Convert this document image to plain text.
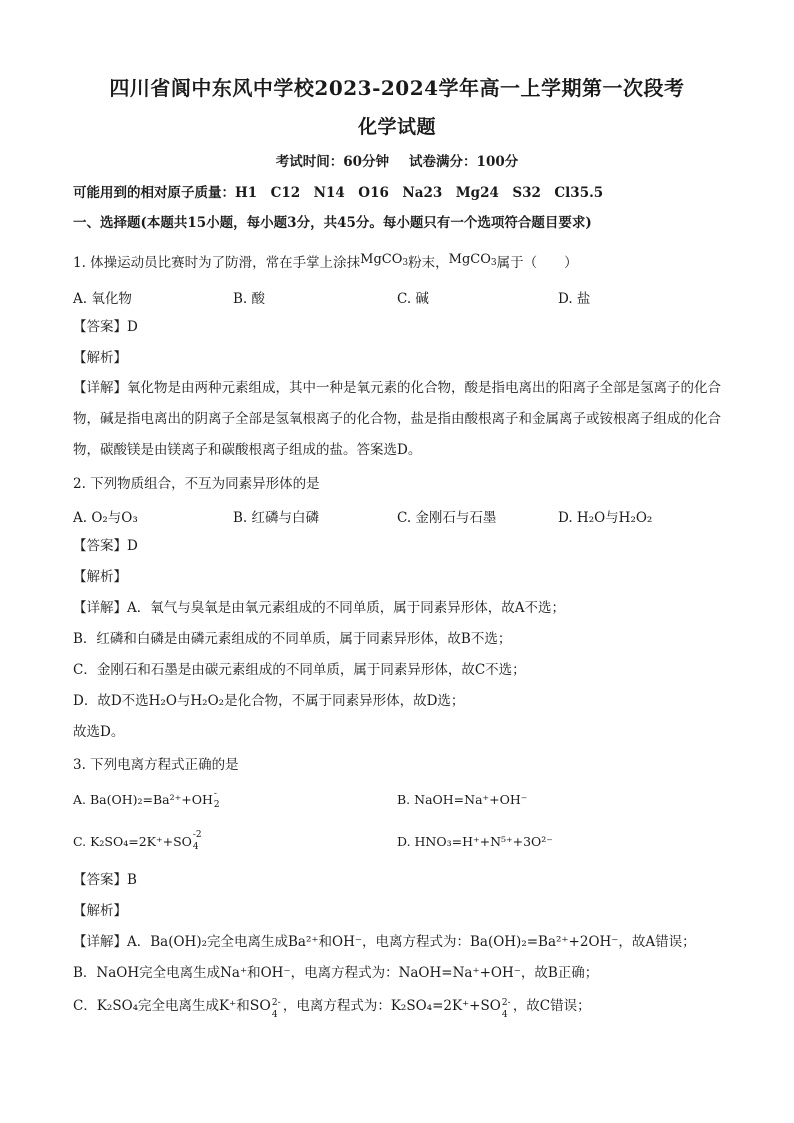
四川省阆中东风中学校2023-2024学年高一上学期第一次段考
化学试题
考试时间：60分钟 试卷满分：100分
可能用到的相对原子质量：H1　C12　N14　O16　Na23　Mg24　S32　Cl35.5
一、选择题(本题共15小题，每小题3分，共45分。每小题只有一个选项符合题目要求)
1. 体操运动员比赛时为了防滑，常在手掌上涂抹MgCO$_3$粉末，MgCO$_3$属于（　　）
A. 氧化物	B. 酸	C. 碱	D. 盐
【答案】D
【解析】
【详解】氧化物是由两种元素组成，其中一种是氧元素的化合物，酸是指电离出的阳离子全部是氢离子的化合物，碱是指电离出的阴离子全部是氢氧根离子的化合物，盐是指由酸根离子和金属离子或铵根离子组成的化合物，碳酸镁是由镁离子和碳酸根离子组成的盐。答案选D。
2. 下列物质组合，不互为同素异形体的是
A. O₂与O₃	B. 红磷与白磷	C. 金刚石与石墨	D. H₂O与H₂O₂
【答案】D
【解析】
【详解】A．氧气与臭氧是由氧元素组成的不同单质，属于同素异形体，故A不选；
B．红磷和白磷是由磷元素组成的不同单质，属于同素异形体，故B不选；
C．金刚石和石墨是由碳元素组成的不同单质，属于同素异形体，故C不选；
D．故D不选H₂O与H₂O₂是化合物，不属于同素异形体，故D选；
故选D。
3. 下列电离方程式正确的是
A. Ba(OH)₂=Ba²⁺+OH -
2	B. NaOH=Na⁺+OH⁻
C. K₂SO₄=2K⁺+SO -2
4	D. HNO₃=H⁺+N⁵⁺+3O²⁻
【答案】B
【解析】
【详解】A．Ba(OH)₂完全电离生成Ba²⁺和OH⁻，电离方程式为：Ba(OH)₂=Ba²⁺+2OH⁻，故A错误；
B．NaOH完全电离生成Na⁺和OH⁻，电离方程式为：NaOH=Na⁺+OH⁻，故B正确；
C．K₂SO₄完全电离生成K⁺和SO 2-
4
，电离方程式为：K₂SO₄=2K⁺+SO 2-
4
，故C错误；
